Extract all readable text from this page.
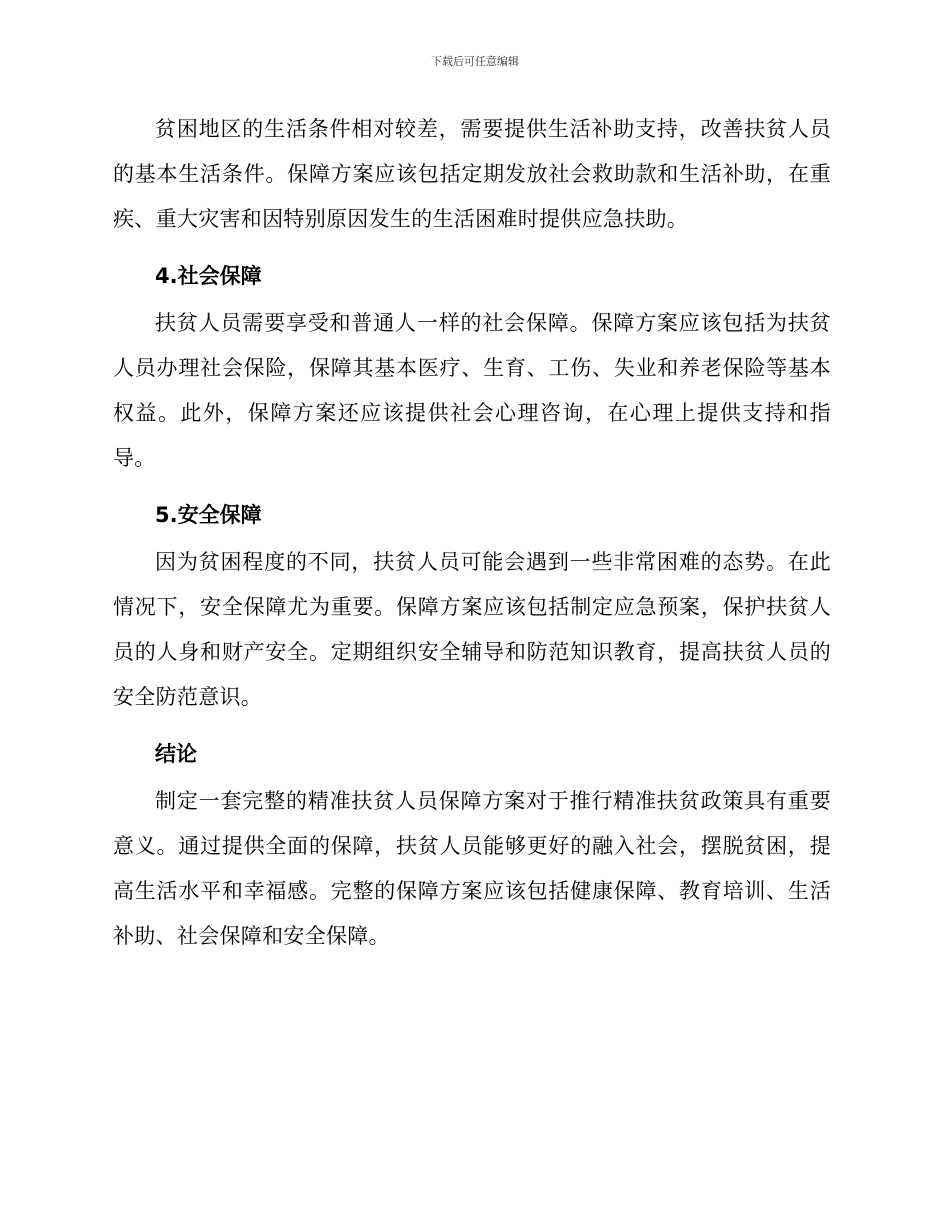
下载后可任意编辑

贫困地区的生活条件相对较差，需要提供生活补助支持，改善扶贫人员的基本生活条件。保障方案应该包括定期发放社会救助款和生活补助，在重疾、重大灾害和因特别原因发生的生活困难时提供应急扶助。

4.社会保障

扶贫人员需要享受和普通人一样的社会保障。保障方案应该包括为扶贫人员办理社会保险，保障其基本医疗、生育、工伤、失业和养老保险等基本权益。此外，保障方案还应该提供社会心理咨询，在心理上提供支持和指导。

5.安全保障

因为贫困程度的不同，扶贫人员可能会遇到一些非常困难的态势。在此情况下，安全保障尤为重要。保障方案应该包括制定应急预案，保护扶贫人员的人身和财产安全。定期组织安全辅导和防范知识教育，提高扶贫人员的安全防范意识。

结论

制定一套完整的精准扶贫人员保障方案对于推行精准扶贫政策具有重要意义。通过提供全面的保障，扶贫人员能够更好的融入社会，摆脱贫困，提高生活水平和幸福感。完整的保障方案应该包括健康保障、教育培训、生活补助、社会保障和安全保障。
